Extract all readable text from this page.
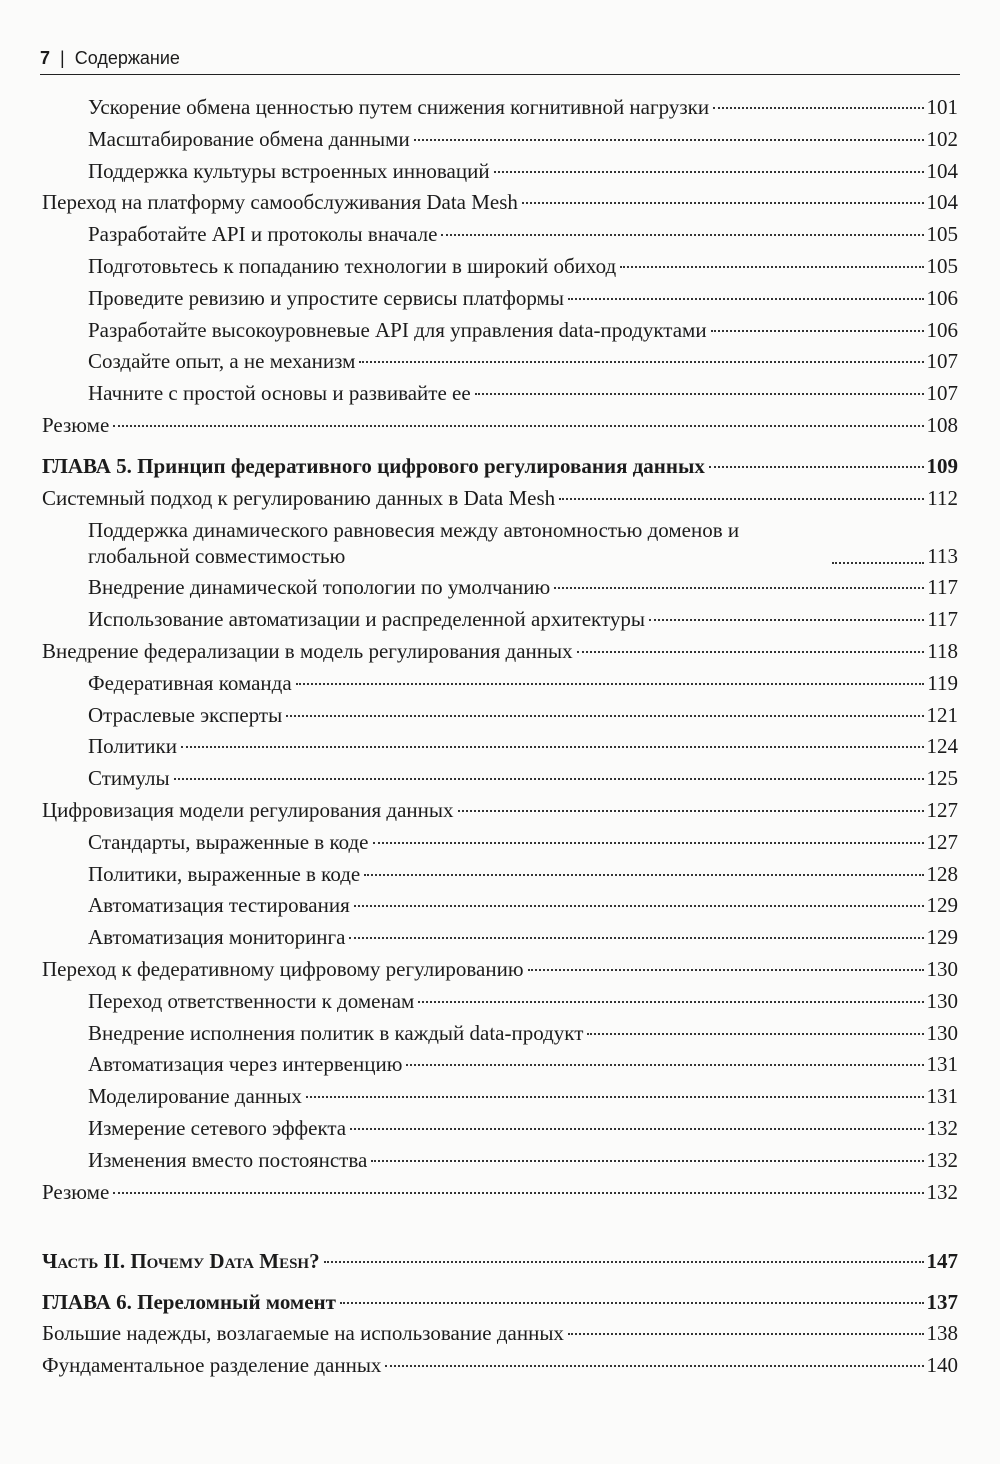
7 | Содержание
Ускорение обмена ценностью путем снижения когнитивной нагрузки	101
Масштабирование обмена данными	102
Поддержка культуры встроенных инноваций	104
Переход на платформу самообслуживания Data Mesh	104
Разработайте API и протоколы вначале	105
Подготовьтесь к попаданию технологии в широкий обиход	105
Проведите ревизию и упростите сервисы платформы	106
Разработайте высокоуровневые API для управления data-продуктами	106
Создайте опыт, а не механизм	107
Начните с простой основы и развивайте ее	107
Резюме	108
ГЛАВА 5. Принцип федеративного цифрового регулирования данных	109
Системный подход к регулированию данных в Data Mesh	112
Поддержка динамического равновесия между автономностью доменов и глобальной совместимостью	113
Внедрение динамической топологии по умолчанию	117
Использование автоматизации и распределенной архитектуры	117
Внедрение федерализации в модель регулирования данных	118
Федеративная команда	119
Отраслевые эксперты	121
Политики	124
Стимулы	125
Цифровизация модели регулирования данных	127
Стандарты, выраженные в коде	127
Политики, выраженные в коде	128
Автоматизация тестирования	129
Автоматизация мониторинга	129
Переход к федеративному цифровому регулированию	130
Переход ответственности к доменам	130
Внедрение исполнения политик в каждый data-продукт	130
Автоматизация через интервенцию	131
Моделирование данных	131
Измерение сетевого эффекта	132
Изменения вместо постоянства	132
Резюме	132
Часть II. Почему Data Mesh?	147
ГЛАВА 6. Переломный момент	137
Большие надежды, возлагаемые на использование данных	138
Фундаментальное разделение данных	140
